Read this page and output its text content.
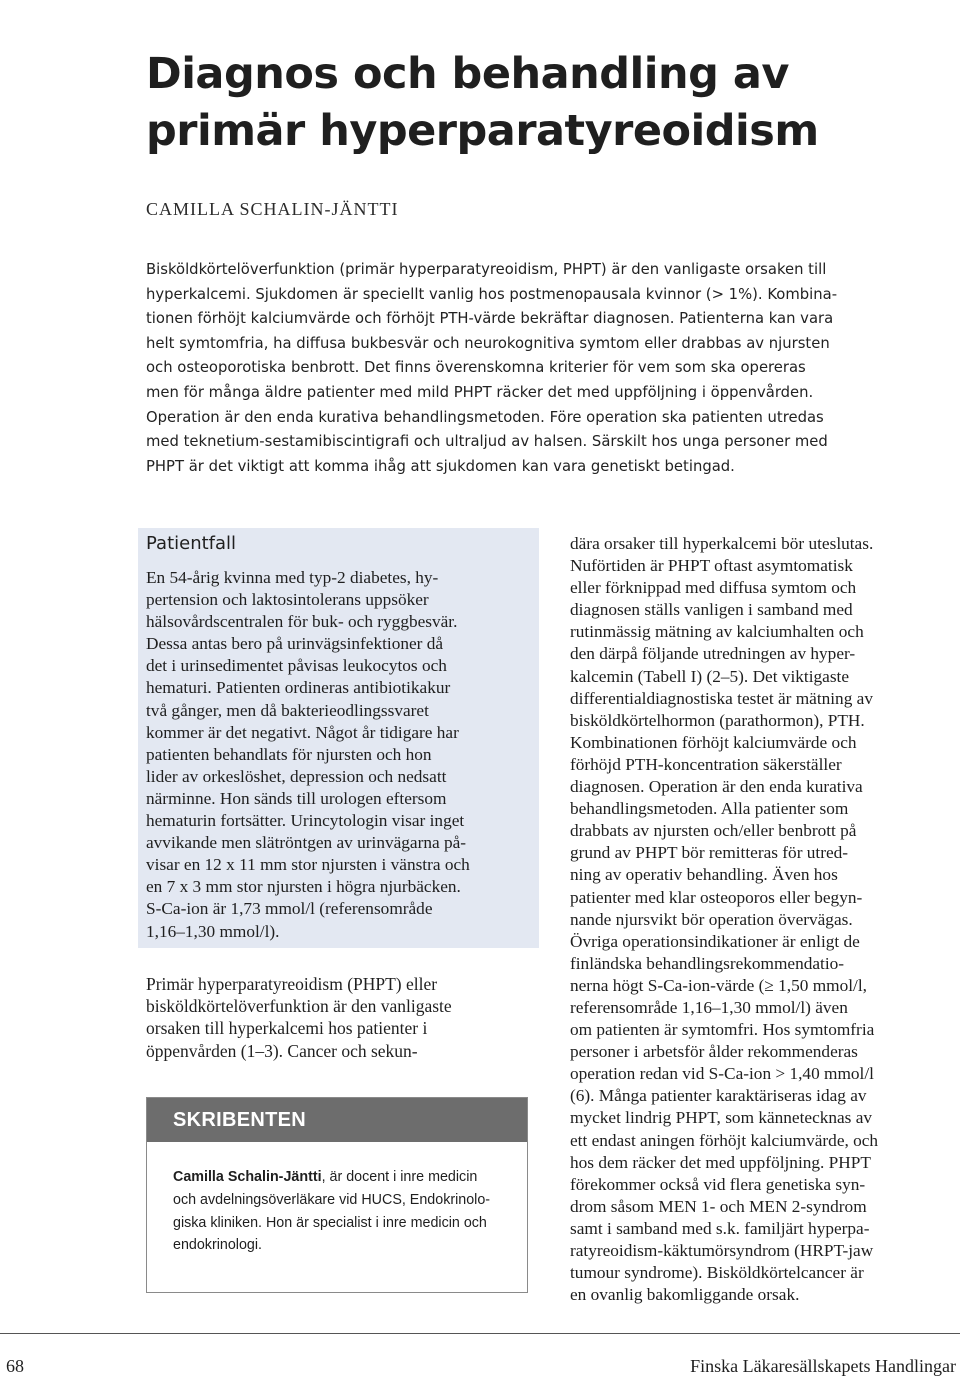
Diagnos och behandling av
primär hyperparatyreoidism

CAMILLA SCHALIN-JÄNTTI

Bisköldkörtelöverfunktion (primär hyperparatyreoidism, PHPT) är den vanligaste orsaken till
hyperkalcemi. Sjukdomen är speciellt vanlig hos postmenopausala kvinnor (> 1%). Kombina-
tionen förhöjt kalciumvärde och förhöjt PTH-värde bekräftar diagnosen. Patienterna kan vara
helt symtomfria, ha diffusa bukbesvär och neurokognitiva symtom eller drabbas av njursten
och osteoporotiska benbrott. Det finns överenskomna kriterier för vem som ska opereras
men för många äldre patienter med mild PHPT räcker det med uppföljning i öppenvården.
Operation är den enda kurativa behandlingsmetoden. Före operation ska patienten utredas
med teknetium-sestamibiscintigrafi och ultraljud av halsen. Särskilt hos unga personer med
PHPT är det viktigt att komma ihåg att sjukdomen kan vara genetiskt betingad.
Patientfall
En 54-årig kvinna med typ-2 diabetes, hy-
pertension och laktosintolerans uppsöker
hälsovårdscentralen för buk- och ryggbesvär.
Dessa antas bero på urinvägsinfektioner då
det i urinsedimentet påvisas leukocytos och
hematuri. Patienten ordineras antibiotikakur
två gånger, men då bakterieodlingssvaret
kommer är det negativt. Något år tidigare har
patienten behandlats för njursten och hon
lider av orkeslöshet, depression och nedsatt
närminne. Hon sänds till urologen eftersom
hematurin fortsätter. Urincytologin visar inget
avvikande men slätröntgen av urinvägarna på-
visar en 12 x 11 mm stor njursten i vänstra och
en 7 x 3 mm stor njursten i högra njurbäcken.
S-Ca-ion är 1,73 mmol/l (referensområde
1,16–1,30 mmol/l).
Primär hyperparatyreoidism (PHPT) eller
bisköldkörtelöverfunktion är den vanligaste
orsaken till hyperkalcemi hos patienter i
öppenvården (1–3). Cancer och sekun-
dära orsaker till hyperkalcemi bör uteslutas.
Nuförtiden är PHPT oftast asymtomatisk
eller förknippad med diffusa symtom och
diagnosen ställs vanligen i samband med
rutinmässig mätning av kalciumhalten och
den därpå följande utredningen av hyper-
kalcemin (Tabell I) (2–5). Det viktigaste
differentialdiagnostiska testet är mätning av
bisköldkörtelhormon (parathormon), PTH.
Kombinationen förhöjt kalciumvärde och
förhöjd PTH-koncentration säkerställer
diagnosen. Operation är den enda kurativa
behandlingsmetoden. Alla patienter som
drabbats av njursten och/eller benbrott på
grund av PHPT bör remitteras för utred-
ning av operativ behandling. Även hos
patienter med klar osteoporos eller begyn-
nande njursvikt bör operation övervägas.
Övriga operationsindikationer är enligt de
finländska behandlingsrekommendatio-
nerna högt S-Ca-ion-värde (≥ 1,50 mmol/l,
referensområde 1,16–1,30 mmol/l) även
om patienten är symtomfri. Hos symtomfria
personer i arbetsför ålder rekommenderas
operation redan vid S-Ca-ion > 1,40 mmol/l
(6). Många patienter karaktäriseras idag av
mycket lindrig PHPT, som kännetecknas av
ett endast aningen förhöjt kalciumvärde, och
hos dem räcker det med uppföljning. PHPT
förekommer också vid flera genetiska syn-
drom såsom MEN 1- och MEN 2-syndrom
samt i samband med s.k. familjärt hyperpa-
ratyreoidism-käktumörsyndrom (HRPT-jaw
tumour syndrome). Bisköldkörtelcancer är
en ovanlig bakomliggande orsak.
SKRIBENTEN
Camilla Schalin-Jäntti, är docent i inre medicin
och avdelningsöverläkare vid HUCS, Endokrinolo-
giska kliniken. Hon är specialist i inre medicin och
endokrinologi.
68	Finska Läkaresällskapets Handlingar
